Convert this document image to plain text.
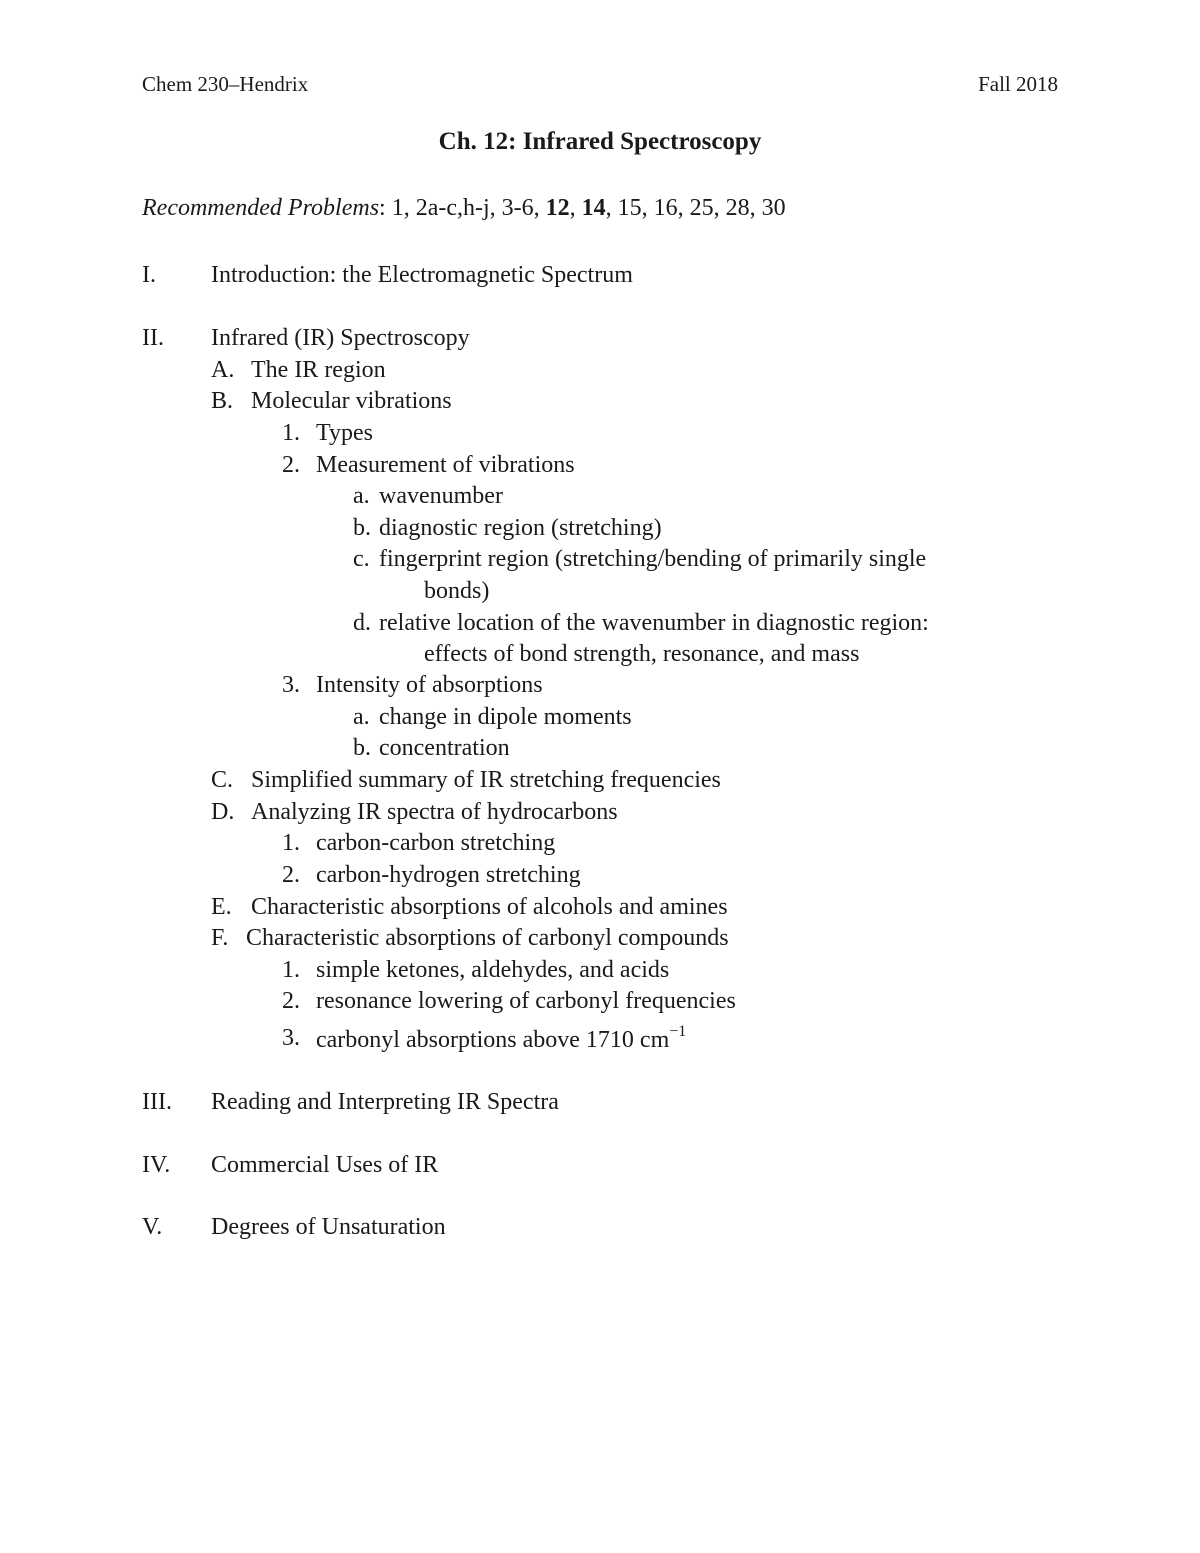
Chem 230–Hendrix	Fall 2018
Ch. 12: Infrared Spectroscopy
Recommended Problems: 1, 2a-c,h-j, 3-6, 12, 14, 15, 16, 25, 28, 30
I. Introduction: the Electromagnetic Spectrum
II. Infrared (IR) Spectroscopy
A. The IR region
B. Molecular vibrations
1. Types
2. Measurement of vibrations
a. wavenumber
b. diagnostic region (stretching)
c. fingerprint region (stretching/bending of primarily single
bonds)
d. relative location of the wavenumber in diagnostic region:
effects of bond strength, resonance, and mass
3. Intensity of absorptions
a. change in dipole moments
b. concentration
C. Simplified summary of IR stretching frequencies
D. Analyzing IR spectra of hydrocarbons
1. carbon-carbon stretching
2. carbon-hydrogen stretching
E. Characteristic absorptions of alcohols and amines
F. Characteristic absorptions of carbonyl compounds
1. simple ketones, aldehydes, and acids
2. resonance lowering of carbonyl frequencies
3. carbonyl absorptions above 1710 $cm^{-1}$
III. Reading and Interpreting IR Spectra
IV. Commercial Uses of IR
V. Degrees of Unsaturation
